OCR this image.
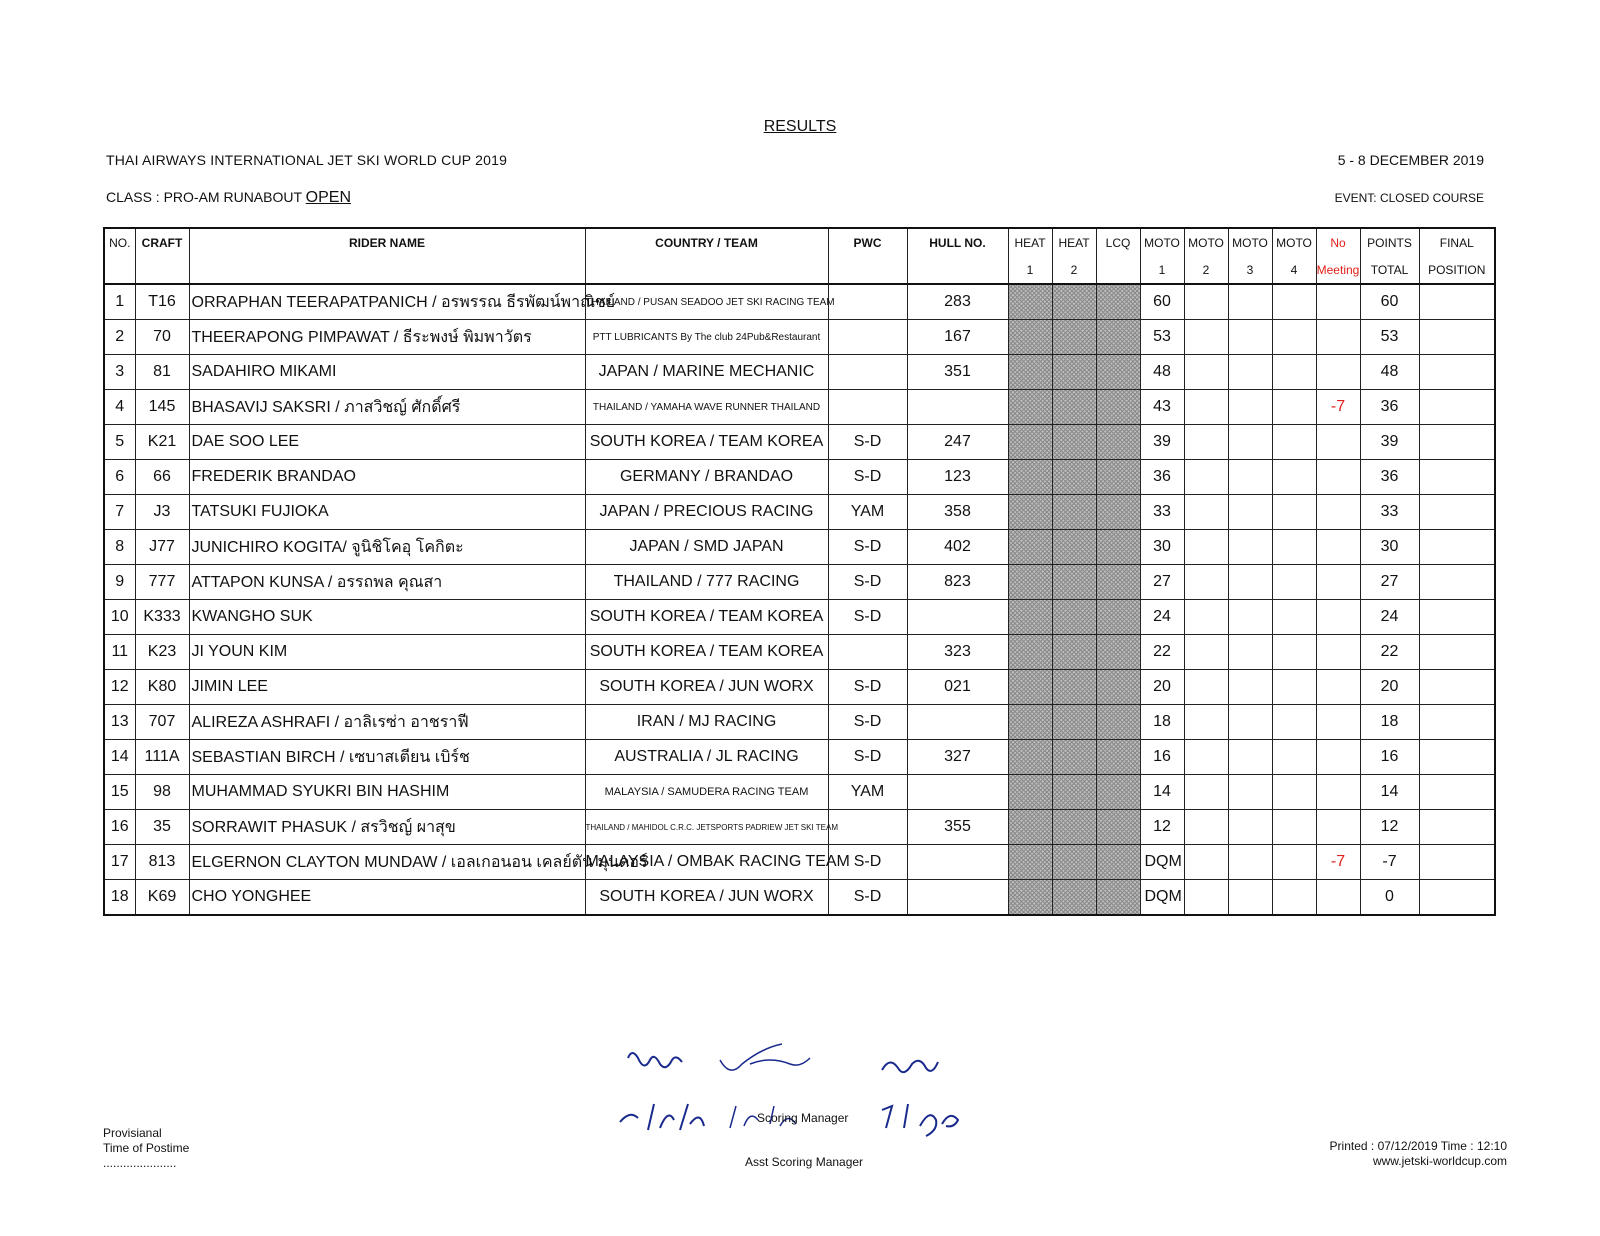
RESULTS
THAI AIRWAYS INTERNATIONAL JET SKI WORLD CUP 2019	5 - 8 DECEMBER 2019
CLASS : PRO-AM RUNABOUT OPEN	EVENT: CLOSED COURSE
NO.	CRAFT	RIDER NAME	COUNTRY / TEAM	PWC	HULL NO.	HEAT	HEAT	LCQ	MOTO	MOTO	MOTO	MOTO	No	POINTS	FINAL
						1	2		1	2	3	4	Meeting	TOTAL	POSITION
1	T16	ORRAPHAN TEERAPATPANICH / อรพรรณ ธีรพัฒน์พาณิชย์	THAILAND / PUSAN SEADOO JET SKI RACING TEAM		283				60					60	
2	70	THEERAPONG PIMPAWAT / ธีระพงษ์ พิมพาวัตร	PTT LUBRICANTS By The club 24Pub&Restaurant		167				53					53	
3	81	SADAHIRO MIKAMI	JAPAN / MARINE MECHANIC		351				48					48	
4	145	BHASAVIJ SAKSRI / ภาสวิชญ์ ศักดิ์ศรี	THAILAND / YAMAHA WAVE RUNNER THAILAND						43				-7	36	
5	K21	DAE SOO LEE	SOUTH KOREA / TEAM KOREA	S-D	247				39					39	
6	66	FREDERIK BRANDAO	GERMANY / BRANDAO	S-D	123				36					36	
7	J3	TATSUKI FUJIOKA	JAPAN / PRECIOUS RACING	YAM	358				33					33	
8	J77	JUNICHIRO KOGITA/ จูนิชิโคอุ โคกิตะ	JAPAN / SMD JAPAN	S-D	402				30					30	
9	777	ATTAPON KUNSA / อรรถพล คุณสา	THAILAND / 777 RACING	S-D	823				27					27	
10	K333	KWANGHO SUK	SOUTH KOREA / TEAM KOREA	S-D					24					24	
11	K23	JI YOUN KIM	SOUTH KOREA / TEAM KOREA		323				22					22	
12	K80	JIMIN LEE	SOUTH KOREA / JUN WORX	S-D	021				20					20	
13	707	ALIREZA ASHRAFI / อาลิเรซ่า อาชราฟี	IRAN / MJ RACING	S-D					18					18	
14	111A	SEBASTIAN BIRCH / เซบาสเตียน เบิร์ช	AUSTRALIA / JL RACING	S-D	327				16					16	
15	98	MUHAMMAD SYUKRI BIN HASHIM	MALAYSIA / SAMUDERA RACING TEAM	YAM					14					14	
16	35	SORRAWIT PHASUK / สรวิชญ์ ผาสุข	THAILAND / MAHIDOL C.R.C. JETSPORTS PADRIEW JET SKI TEAM		355				12					12	
17	813	ELGERNON CLAYTON MUNDAW / เอลเกอนอน เคลย์ตัน มุนดอร์	MALAYSIA / OMBAK RACING TEAM	S-D					DQM				-7	-7	
18	K69	CHO YONGHEE	SOUTH KOREA / JUN WORX	S-D					DQM					0	
Provisianal
Time of Postime
......................
Scoring Manager
Asst Scoring Manager
Printed : 07/12/2019 Time : 12:10
www.jetski-worldcup.com
